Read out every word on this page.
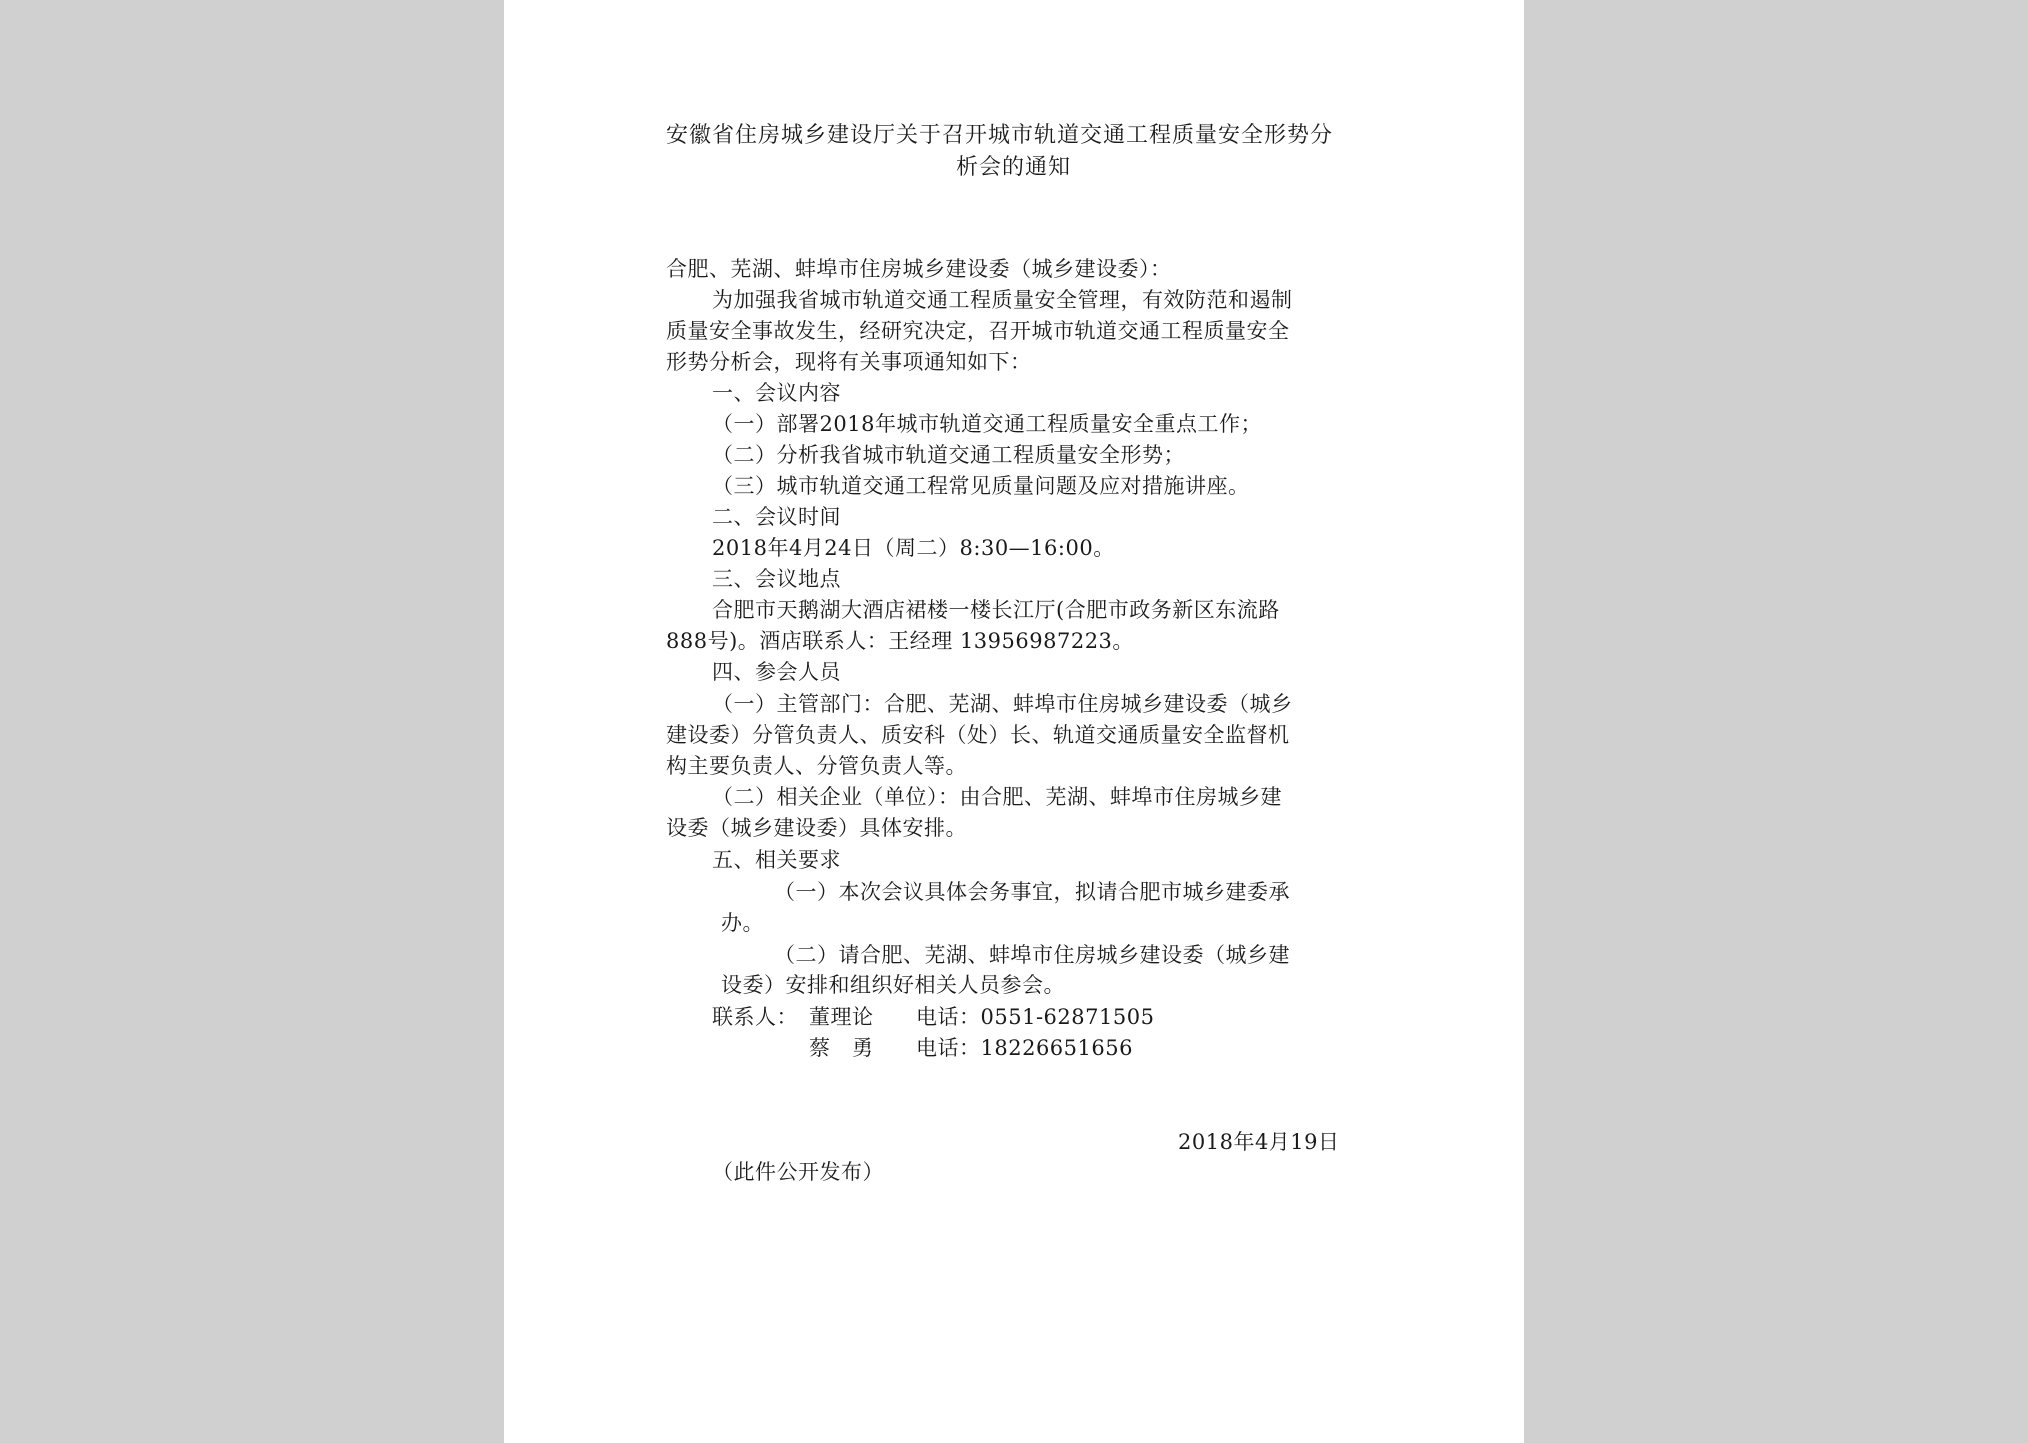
安徽省住房城乡建设厅关于召开城市轨道交通工程质量安全形势分
析会的通知
合肥、芜湖、蚌埠市住房城乡建设委（城乡建设委）：
为加强我省城市轨道交通工程质量安全管理，有效防范和遏制
质量安全事故发生，经研究决定，召开城市轨道交通工程质量安全
形势分析会，现将有关事项通知如下：
一、会议内容
（一）部署2018年城市轨道交通工程质量安全重点工作；
（二）分析我省城市轨道交通工程质量安全形势；
（三）城市轨道交通工程常见质量问题及应对措施讲座。
二、会议时间
2018年4月24日（周二）8:30—16:00。
三、会议地点
合肥市天鹅湖大酒店裙楼一楼长江厅(合肥市政务新区东流路
888号)。酒店联系人：王经理 13956987223。
四、参会人员
（一）主管部门：合肥、芜湖、蚌埠市住房城乡建设委（城乡
建设委）分管负责人、质安科（处）长、轨道交通质量安全监督机
构主要负责人、分管负责人等。
（二）相关企业（单位）：由合肥、芜湖、蚌埠市住房城乡建
设委（城乡建设委）具体安排。
五、相关要求
（一）本次会议具体会务事宜，拟请合肥市城乡建委承
办。
（二）请合肥、芜湖、蚌埠市住房城乡建设委（城乡建
设委）安排和组织好相关人员参会。
联系人： 董理论 电话：0551-62871505
蔡　勇 电话：18226651656
2018年4月19日
（此件公开发布）
